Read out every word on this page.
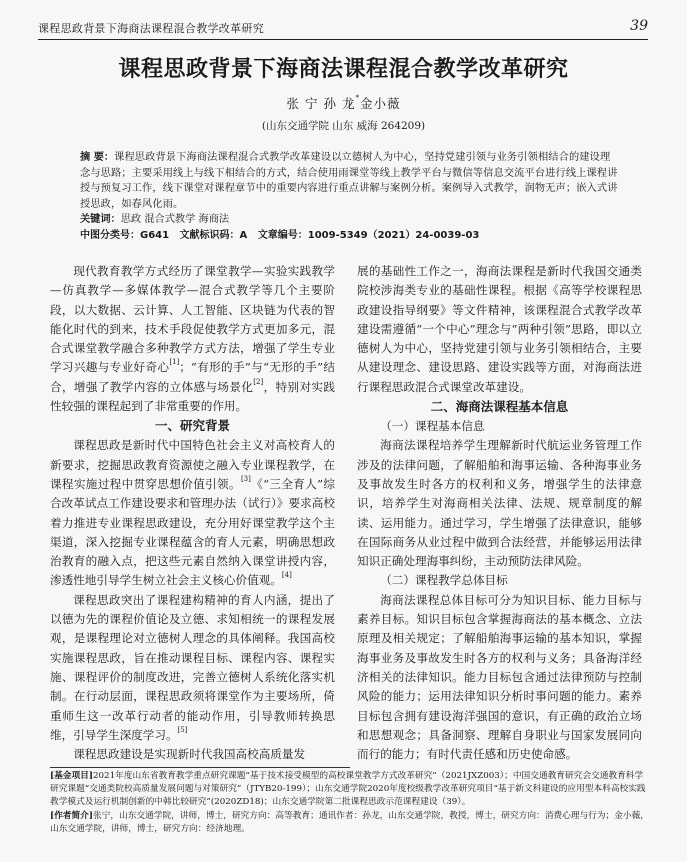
课程思政背景下海商法课程混合教学改革研究	39
课程思政背景下海商法课程混合教学改革研究
张 宁 孙 龙*金小薇
(山东交通学院 山东 威海 264209)

摘 要：课程思政背景下海商法课程混合式教学改革建设以立德树人为中心，坚持党建引领与业务引领相结合的建设理念与思路；主要采用线上与线下相结合的方式，结合使用雨课堂等线上教学平台与微信等信息交流平台进行线上课程讲授与预复习工作，线下课堂对课程章节中的重要内容进行重点讲解与案例分析。案例导入式教学，润物无声；嵌入式讲授思政，如春风化雨。

关键词：思政 混合式教学 海商法

中图分类号：G641 文献标识码：A 文章编号：1009-5349（2021）24-0039-03

现代教育教学方式经历了课堂教学—实验实践教学—仿真教学—多媒体教学—混合式教学等几个主要阶段，以大数据、云计算、人工智能、区块链为代表的智能化时代的到来，技术手段促使教学方式更加多元，混合式课堂教学融合多种教学方式方法，增强了学生专业学习兴趣与专业好奇心[1]；“有形的手”与“无形的手”结合，增强了教学内容的立体感与场景化[2]，特别对实践性较强的课程起到了非常重要的作用。

一、研究背景

课程思政是新时代中国特色社会主义对高校育人的新要求，挖掘思政教育资源使之融入专业课程教学，在课程实施过程中贯穿思想价值引领。[3]《“三全育人”综合改革试点工作建设要求和管理办法（试行）》要求高校着力推进专业课程思政建设，充分用好课堂教学这个主渠道，深入挖掘专业课程蕴含的育人元素，明确思想政治教育的融入点，把这些元素自然纳入课堂讲授内容，渗透性地引导学生树立社会主义核心价值观。[4]

课程思政突出了课程建构精神的育人内涵，提出了以德为先的课程价值论及立德、求知相统一的课程发展观，是课程理论对立德树人理念的具体阐释。我国高校实施课程思政，旨在推动课程目标、课程内容、课程实施、课程评价的制度改进，完善立德树人系统化落实机制。在行动层面，课程思政须将课堂作为主要场所，倚重师生这一改革行动者的能动作用，引导教师转换思维，引导学生深度学习。[5]

课程思政建设是实现新时代我国高校高质量发

展的基础性工作之一，海商法课程是新时代我国交通类院校涉海类专业的基础性课程。根据《高等学校课程思政建设指导纲要》等文件精神，该课程混合式教学改革建设需遵循“一个中心”理念与“两种引领”思路，即以立德树人为中心，坚持党建引领与业务引领相结合，主要从建设理念、建设思路、建设实践等方面，对海商法进行课程思政混合式课堂改革建设。

二、海商法课程基本信息

（一）课程基本信息

海商法课程培养学生理解新时代航运业务管理工作涉及的法律问题，了解船舶和海事运输、各种海事业务及事故发生时各方的权利和义务，增强学生的法律意识，培养学生对海商相关法律、法规、规章制度的解读、运用能力。通过学习，学生增强了法律意识，能够在国际商务从业过程中做到合法经营，并能够运用法律知识正确处理海事纠纷，主动预防法律风险。

（二）课程教学总体目标

海商法课程总体目标可分为知识目标、能力目标与素养目标。知识目标包含掌握海商法的基本概念、立法原理及相关规定；了解船舶海事运输的基本知识，掌握海事业务及事故发生时各方的权利与义务；具备海洋经济相关的法律知识。能力目标包含通过法律预防与控制风险的能力；运用法律知识分析时事问题的能力。素养目标包含拥有建设海洋强国的意识，有正确的政治立场和思想观念；具备洞察、理解自身职业与国家发展同向而行的能力；有时代责任感和历史使命感。

[基金项目]2021年度山东省教育教学重点研究课题“基于技术接受模型的高校课堂教学方式改革研究”（2021JXZ003）；中国交通教育研究会交通教育科学研究课题“交通类院校高质量发展问题与对策研究”（JTYB20-199）；山东交通学院2020年度校级教学改革研究项目“基于新文科建设的应用型本科高校实践教学模式及运行机制创新的中韩比较研究”(2020ZD18)；山东交通学院第二批课程思政示范课程建设（39）。

[作者简介]张宁，山东交通学院，讲师，博士，研究方向：高等教育；通讯作者：孙龙，山东交通学院，教授，博士，研究方向：消费心理与行为；金小薇，山东交通学院，讲师，博士，研究方向：经济地理。
